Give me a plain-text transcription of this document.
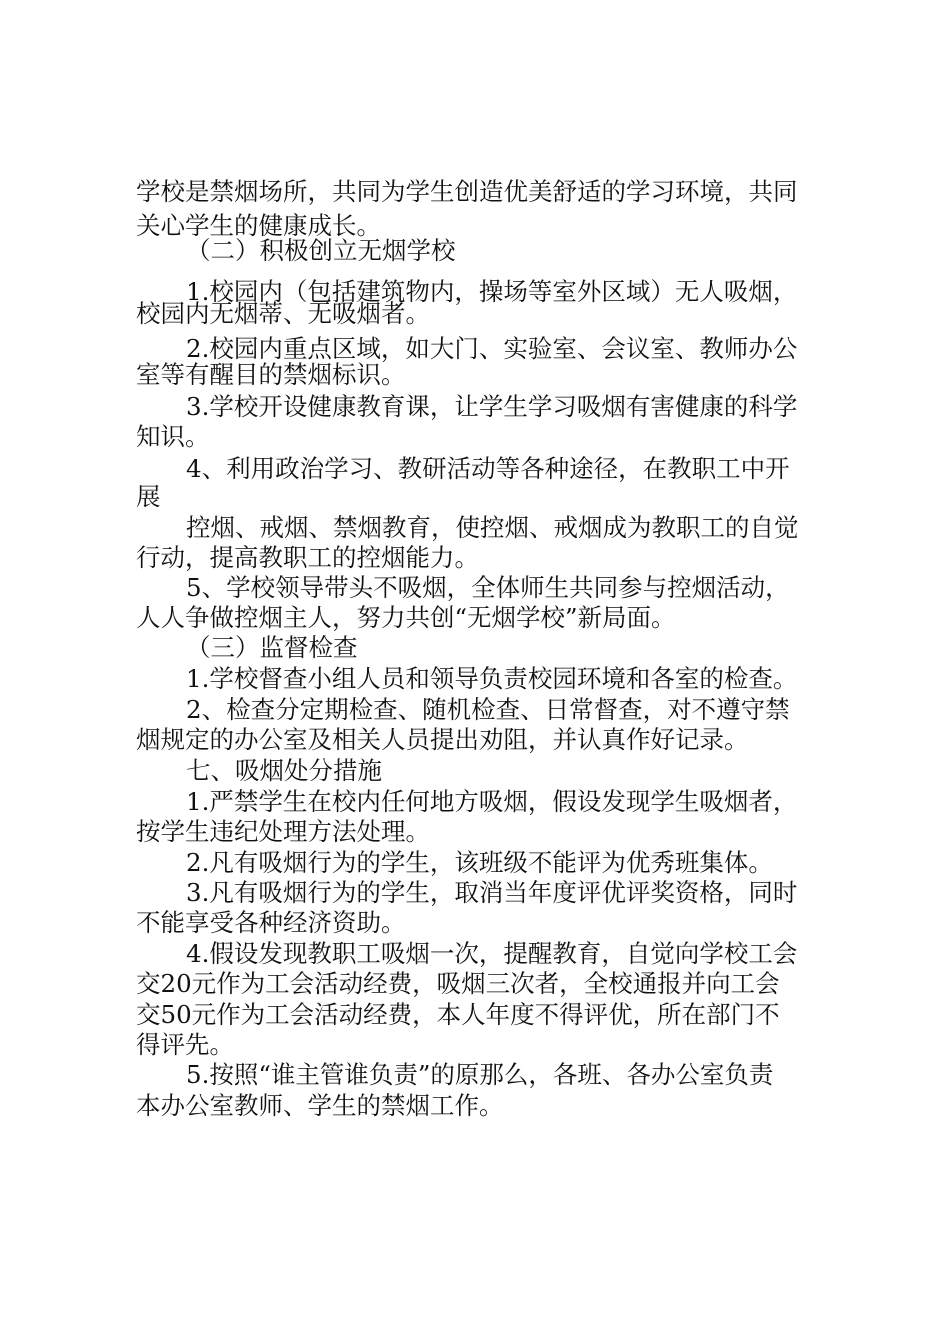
学校是禁烟场所，共同为学生创造优美舒适的学习环境，共同

关心学生的健康成长。

（二）积极创立无烟学校

1.校园内（包括建筑物内，操场等室外区域）无人吸烟，

校园内无烟蒂、无吸烟者。

2.校园内重点区域，如大门、实验室、会议室、教师办公

室等有醒目的禁烟标识。

3.学校开设健康教育课，让学生学习吸烟有害健康的科学

知识。

4、利用政治学习、教研活动等各种途径，在教职工中开

展

控烟、戒烟、禁烟教育，使控烟、戒烟成为教职工的自觉

行动，提高教职工的控烟能力。

5、学校领导带头不吸烟，全体师生共同参与控烟活动，

人人争做控烟主人，努力共创“无烟学校”新局面。

（三）监督检查

1.学校督查小组人员和领导负责校园环境和各室的检查。

2、检查分定期检查、随机检查、日常督查，对不遵守禁

烟规定的办公室及相关人员提出劝阻，并认真作好记录。

七、吸烟处分措施

1.严禁学生在校内任何地方吸烟，假设发现学生吸烟者，

按学生违纪处理方法处理。

2.凡有吸烟行为的学生，该班级不能评为优秀班集体。

3.凡有吸烟行为的学生，取消当年度评优评奖资格，同时

不能享受各种经济资助。

4.假设发现教职工吸烟一次，提醒教育，自觉向学校工会

交20元作为工会活动经费，吸烟三次者，全校通报并向工会

交50元作为工会活动经费，本人年度不得评优，所在部门不

得评先。

5.按照“谁主管谁负责”的原那么，各班、各办公室负责

本办公室教师、学生的禁烟工作。
